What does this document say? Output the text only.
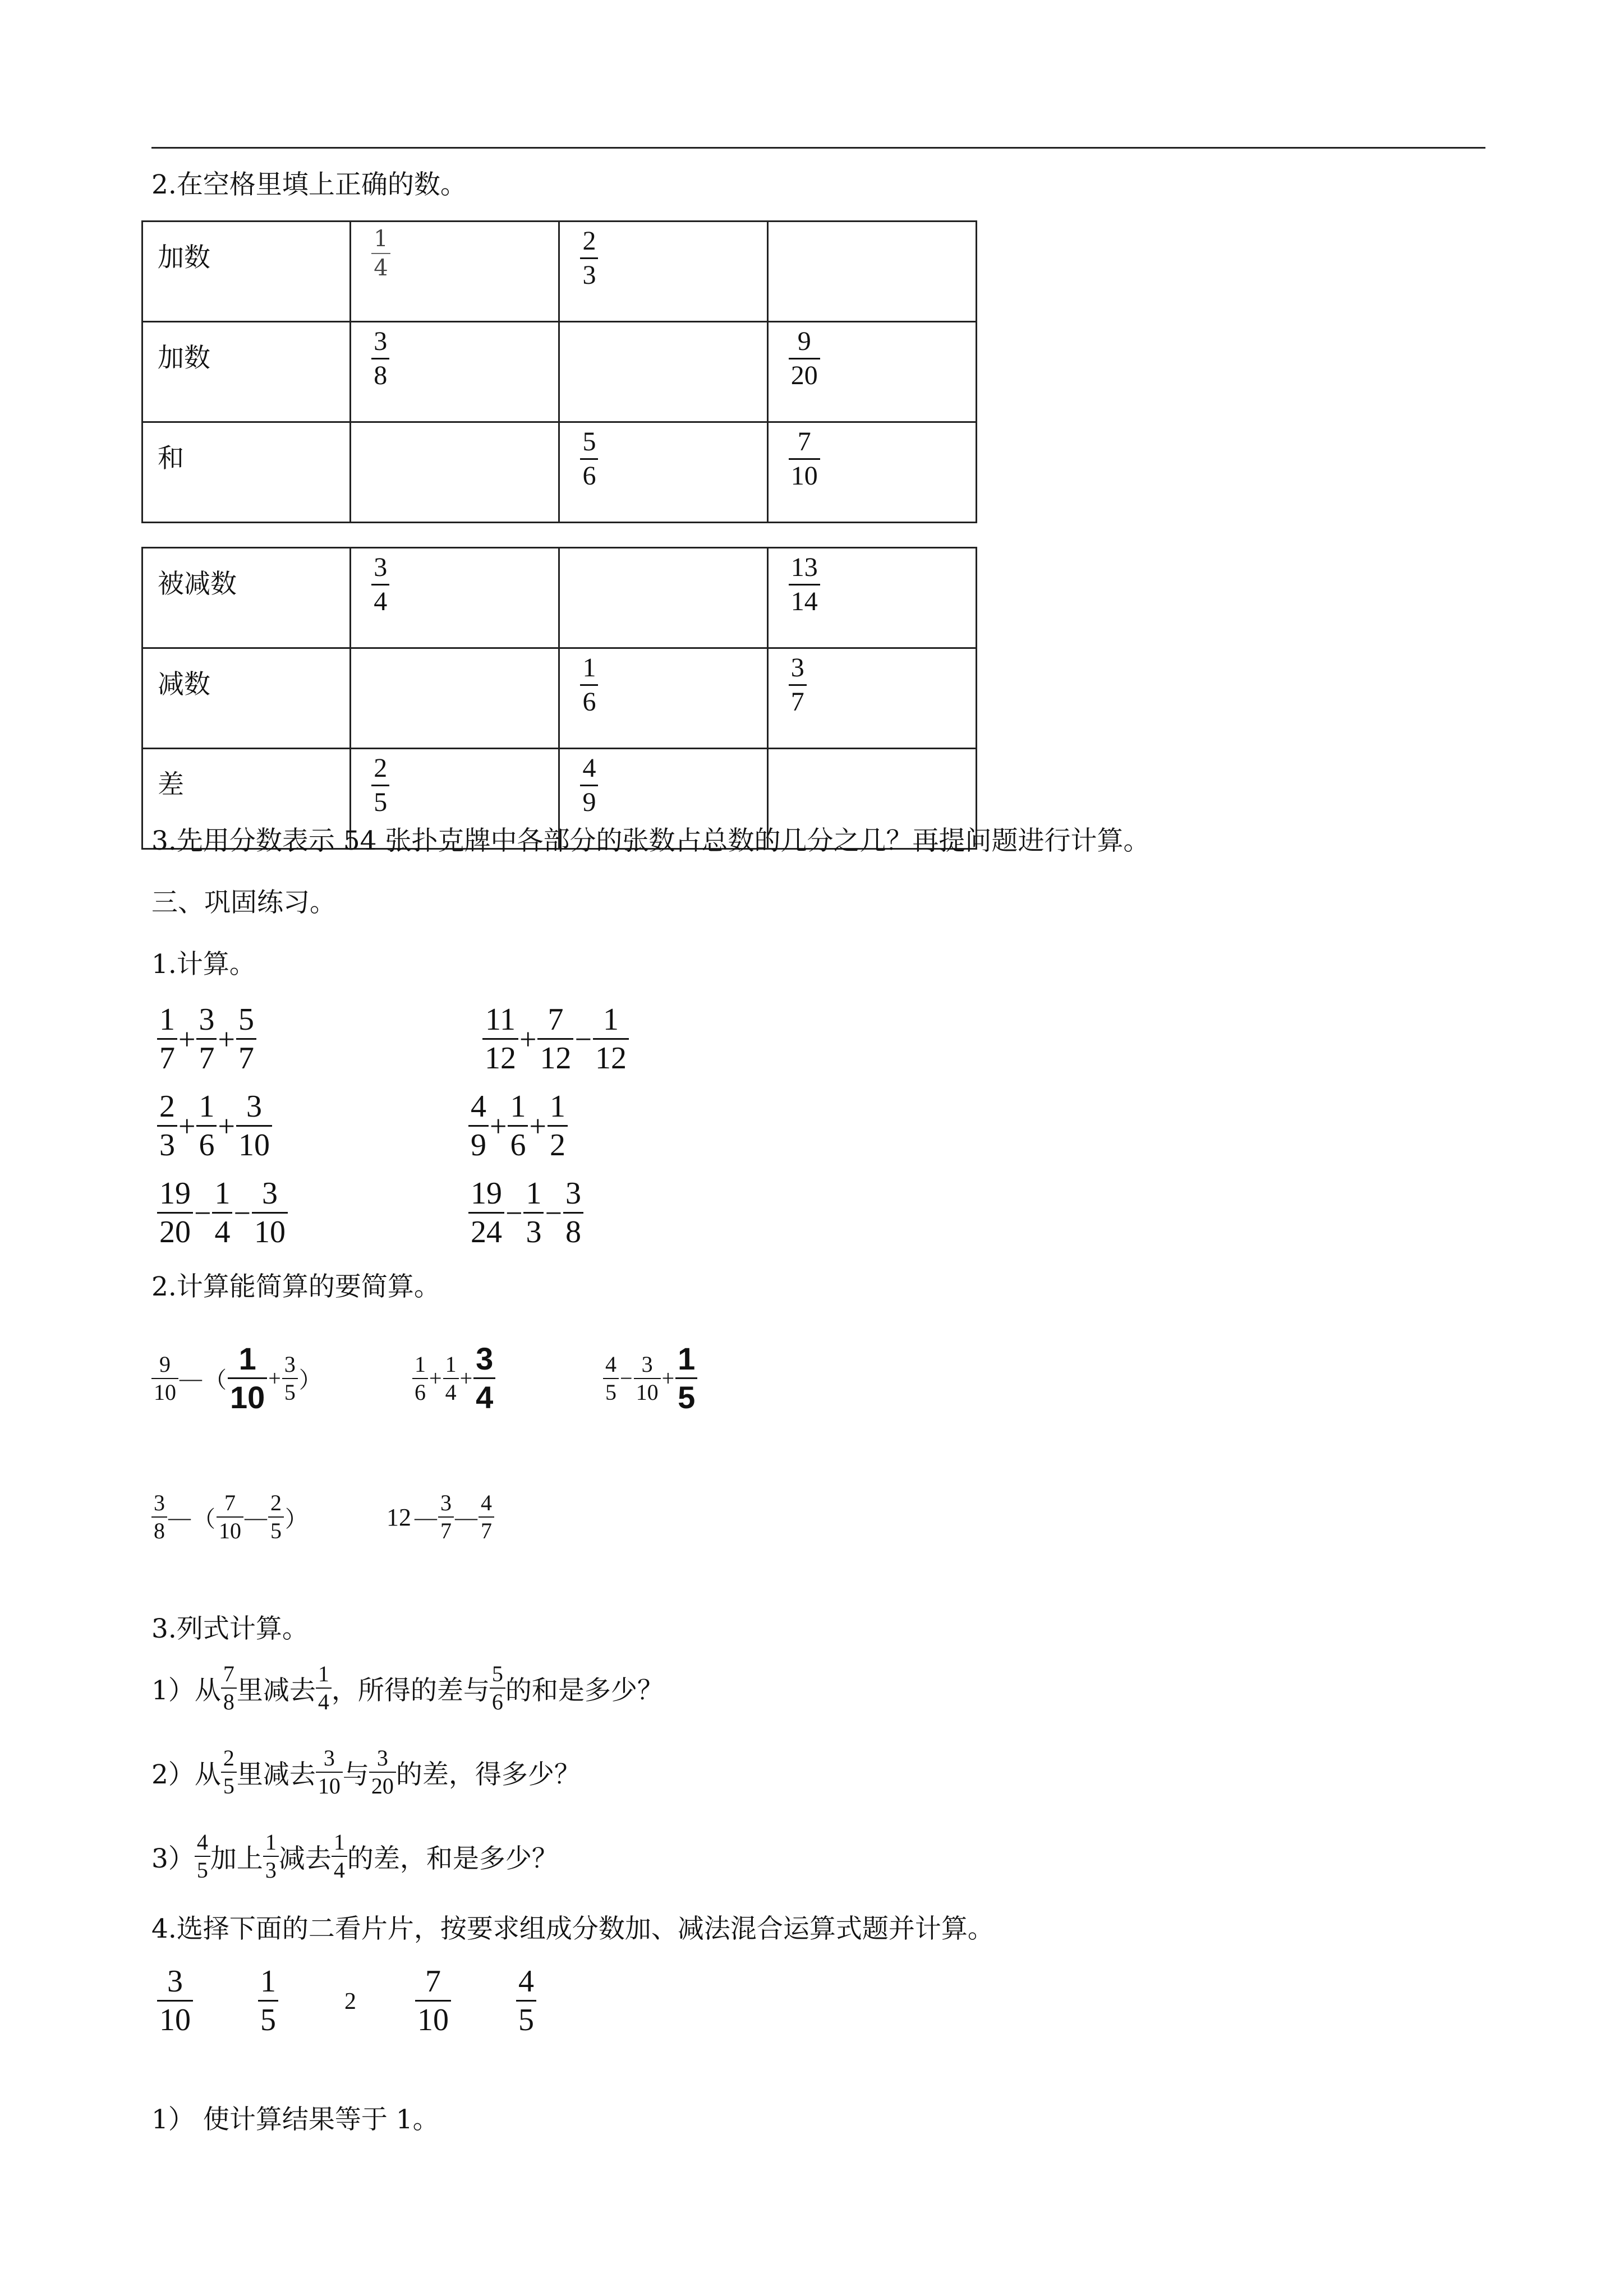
2.在空格里填上正确的数。
加数	$\frac{1}{4}$	$\frac{2}{3}$

加数	$\frac{3}{8}$		$\frac{9}{20}$

和		$\frac{5}{6}$	$\frac{7}{10}$
被减数	$\frac{3}{4}$		$\frac{13}{14}$

减数		$\frac{1}{6}$	$\frac{3}{7}$

差	$\frac{2}{5}$	$\frac{4}{9}$

3.先用分数表示 54 张扑克牌中各部分的张数占总数的几分之几？再提问题进行计算。
三、巩固练习。
1.计算。
$\frac{1}{7} + \frac{3}{7} + \frac{5}{7}$	$\frac{11}{12} + \frac{7}{12} - \frac{1}{12}$
$\frac{2}{3} + \frac{1}{6} + \frac{3}{10}$	$\frac{4}{9} + \frac{1}{6} + \frac{1}{2}$
$\frac{19}{20} - \frac{1}{4} - \frac{3}{10}$	$\frac{19}{24} - \frac{1}{3} - \frac{3}{8}$
2.计算能简算的要简算。
$\frac{9}{10}$ — （ $\frac{1}{10} + \frac{3}{5}$ ）	$\frac{1}{6} + \frac{1}{4} + \frac{3}{4}$	$\frac{4}{5} - \frac{3}{10} + \frac{1}{5}$
$\frac{3}{8}$ — （ $\frac{7}{10}$ — $\frac{2}{5}$ ）	12 — $\frac{3}{7}$ — $\frac{4}{7}$
3.列式计算。
1） 从 $\frac{7}{8}$ 里减去 $\frac{1}{4}$ ，所得的差与 $\frac{5}{6}$ 的和是多少？
2） 从 $\frac{2}{5}$ 里减去 $\frac{3}{10}$ 与 $\frac{3}{20}$ 的差，得多少？
$3) \frac{4}{5}$ 加上 $\frac{1}{3}$ 减去 $\frac{1}{4}$ 的差，和是多少？
4.选择下面的二看片片，按要求组成分数加、减法混合运算式题并计算。
$\frac{3}{10} \frac{1}{5}$	$2 \frac{7}{10} \frac{4}{5}$
1） 使计算结果等于 1。
